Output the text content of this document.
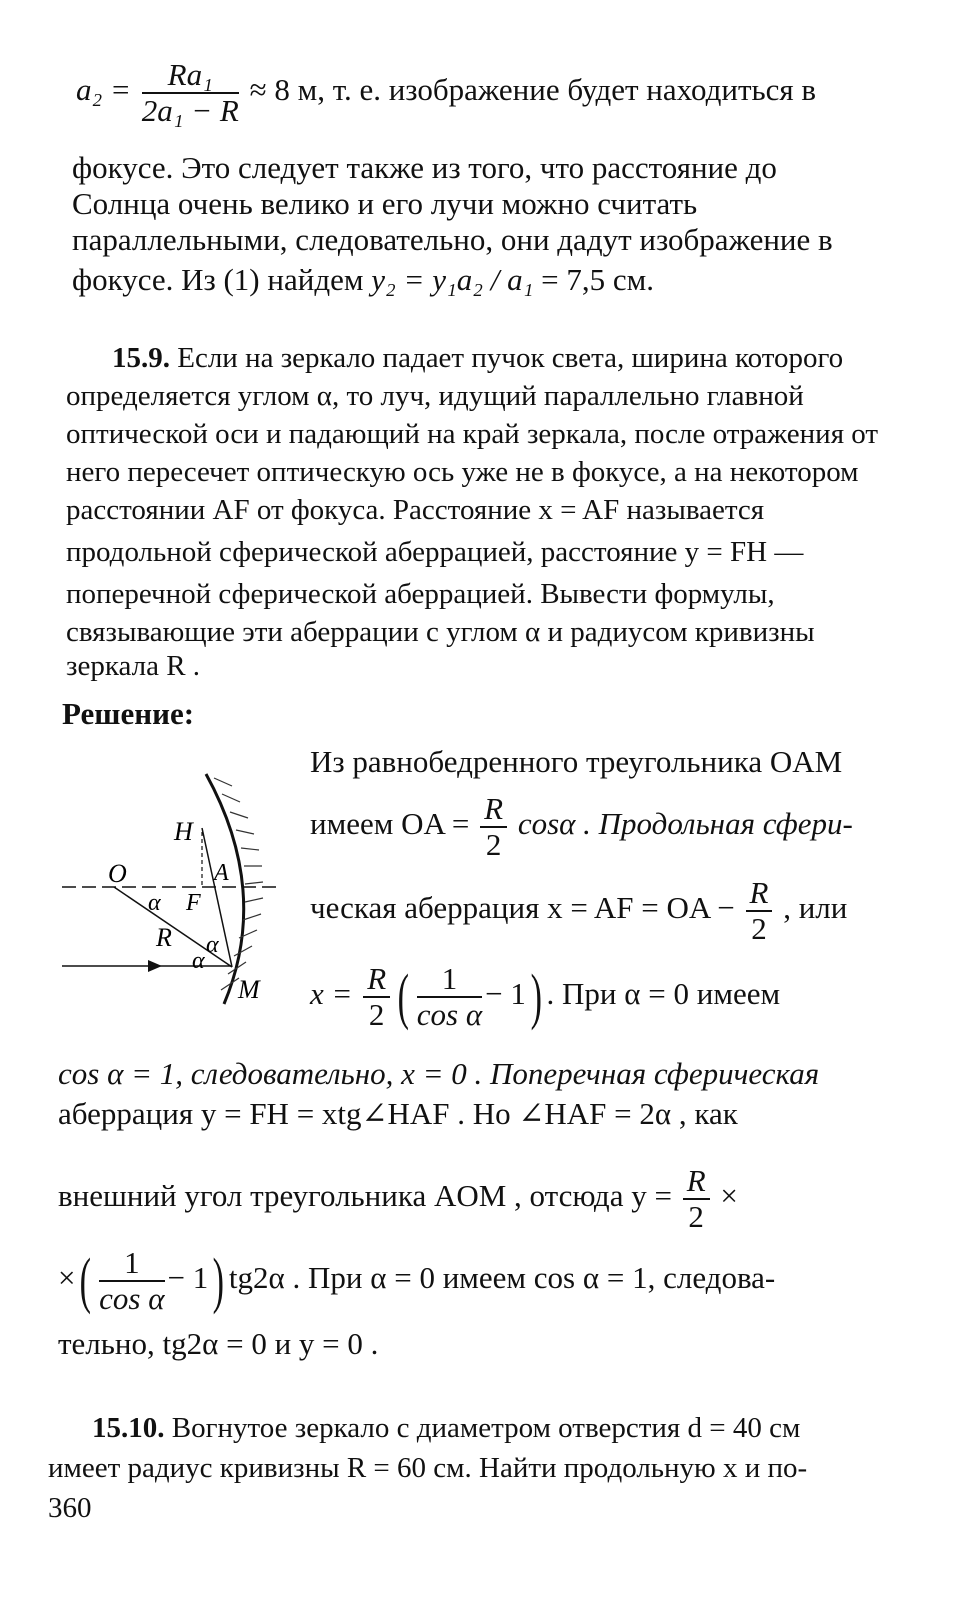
$a_2 = \frac{\text{Ra₁}}{\text{2a₁ − R}} \approx 8$ м, т. е. изображение будет находиться в
фокусе. Это следует также из того, что расстояние до
Солнца очень велико и его лучи можно считать
параллельными, следовательно, они дадут изображение в
фокусе. Из (1) найдем y₂ = y₁a₂ / a₁ = 7,5 см.
15.9. Если на зеркало падает пучок света, ширина которого
определяется углом α, то луч, идущий параллельно главной
оптической оси и падающий на край зеркала, после отражения от
него пересечет оптическую ось уже не в фокусе, а на некотором
расстоянии AF от фокуса. Расстояние x = AF называется
продольной сферической аберрацией, расстояние y = FH —
поперечной сферической аберрацией. Вывести формулы,
связывающие эти аберрации с углом α и радиусом кривизны
зеркала R .
Решение:
H
O	A
F
R
M
α
α
α
Из равнобедренного треугольника OAM
имеем OA = $\frac{R}{2}$ cosα . Продольная сфери-
ческая аберрация x = AF = OA − $\frac{R}{2}$ , или
$x = \frac{R}{2}$ ( $\frac{1}{\text{cos α}} - 1$) . При α = 0 имеем
cos α = 1, следовательно, x = 0 . Поперечная сферическая
аберрация y = FH = xtg∠HAF . Но ∠HAF = 2α , как
внешний угол треугольника AOM , отсюда $y = \frac{R}{2}$ ×
×( $\frac{1}{\text{cos α}} - 1$) tg2α . При α = 0 имеем cos α = 1, следова-
тельно, tg2α = 0 и y = 0 .
15.10. Вогнутое зеркало с диаметром отверстия d = 40 см
имеет радиус кривизны R = 60 см. Найти продольную x и по-
360
